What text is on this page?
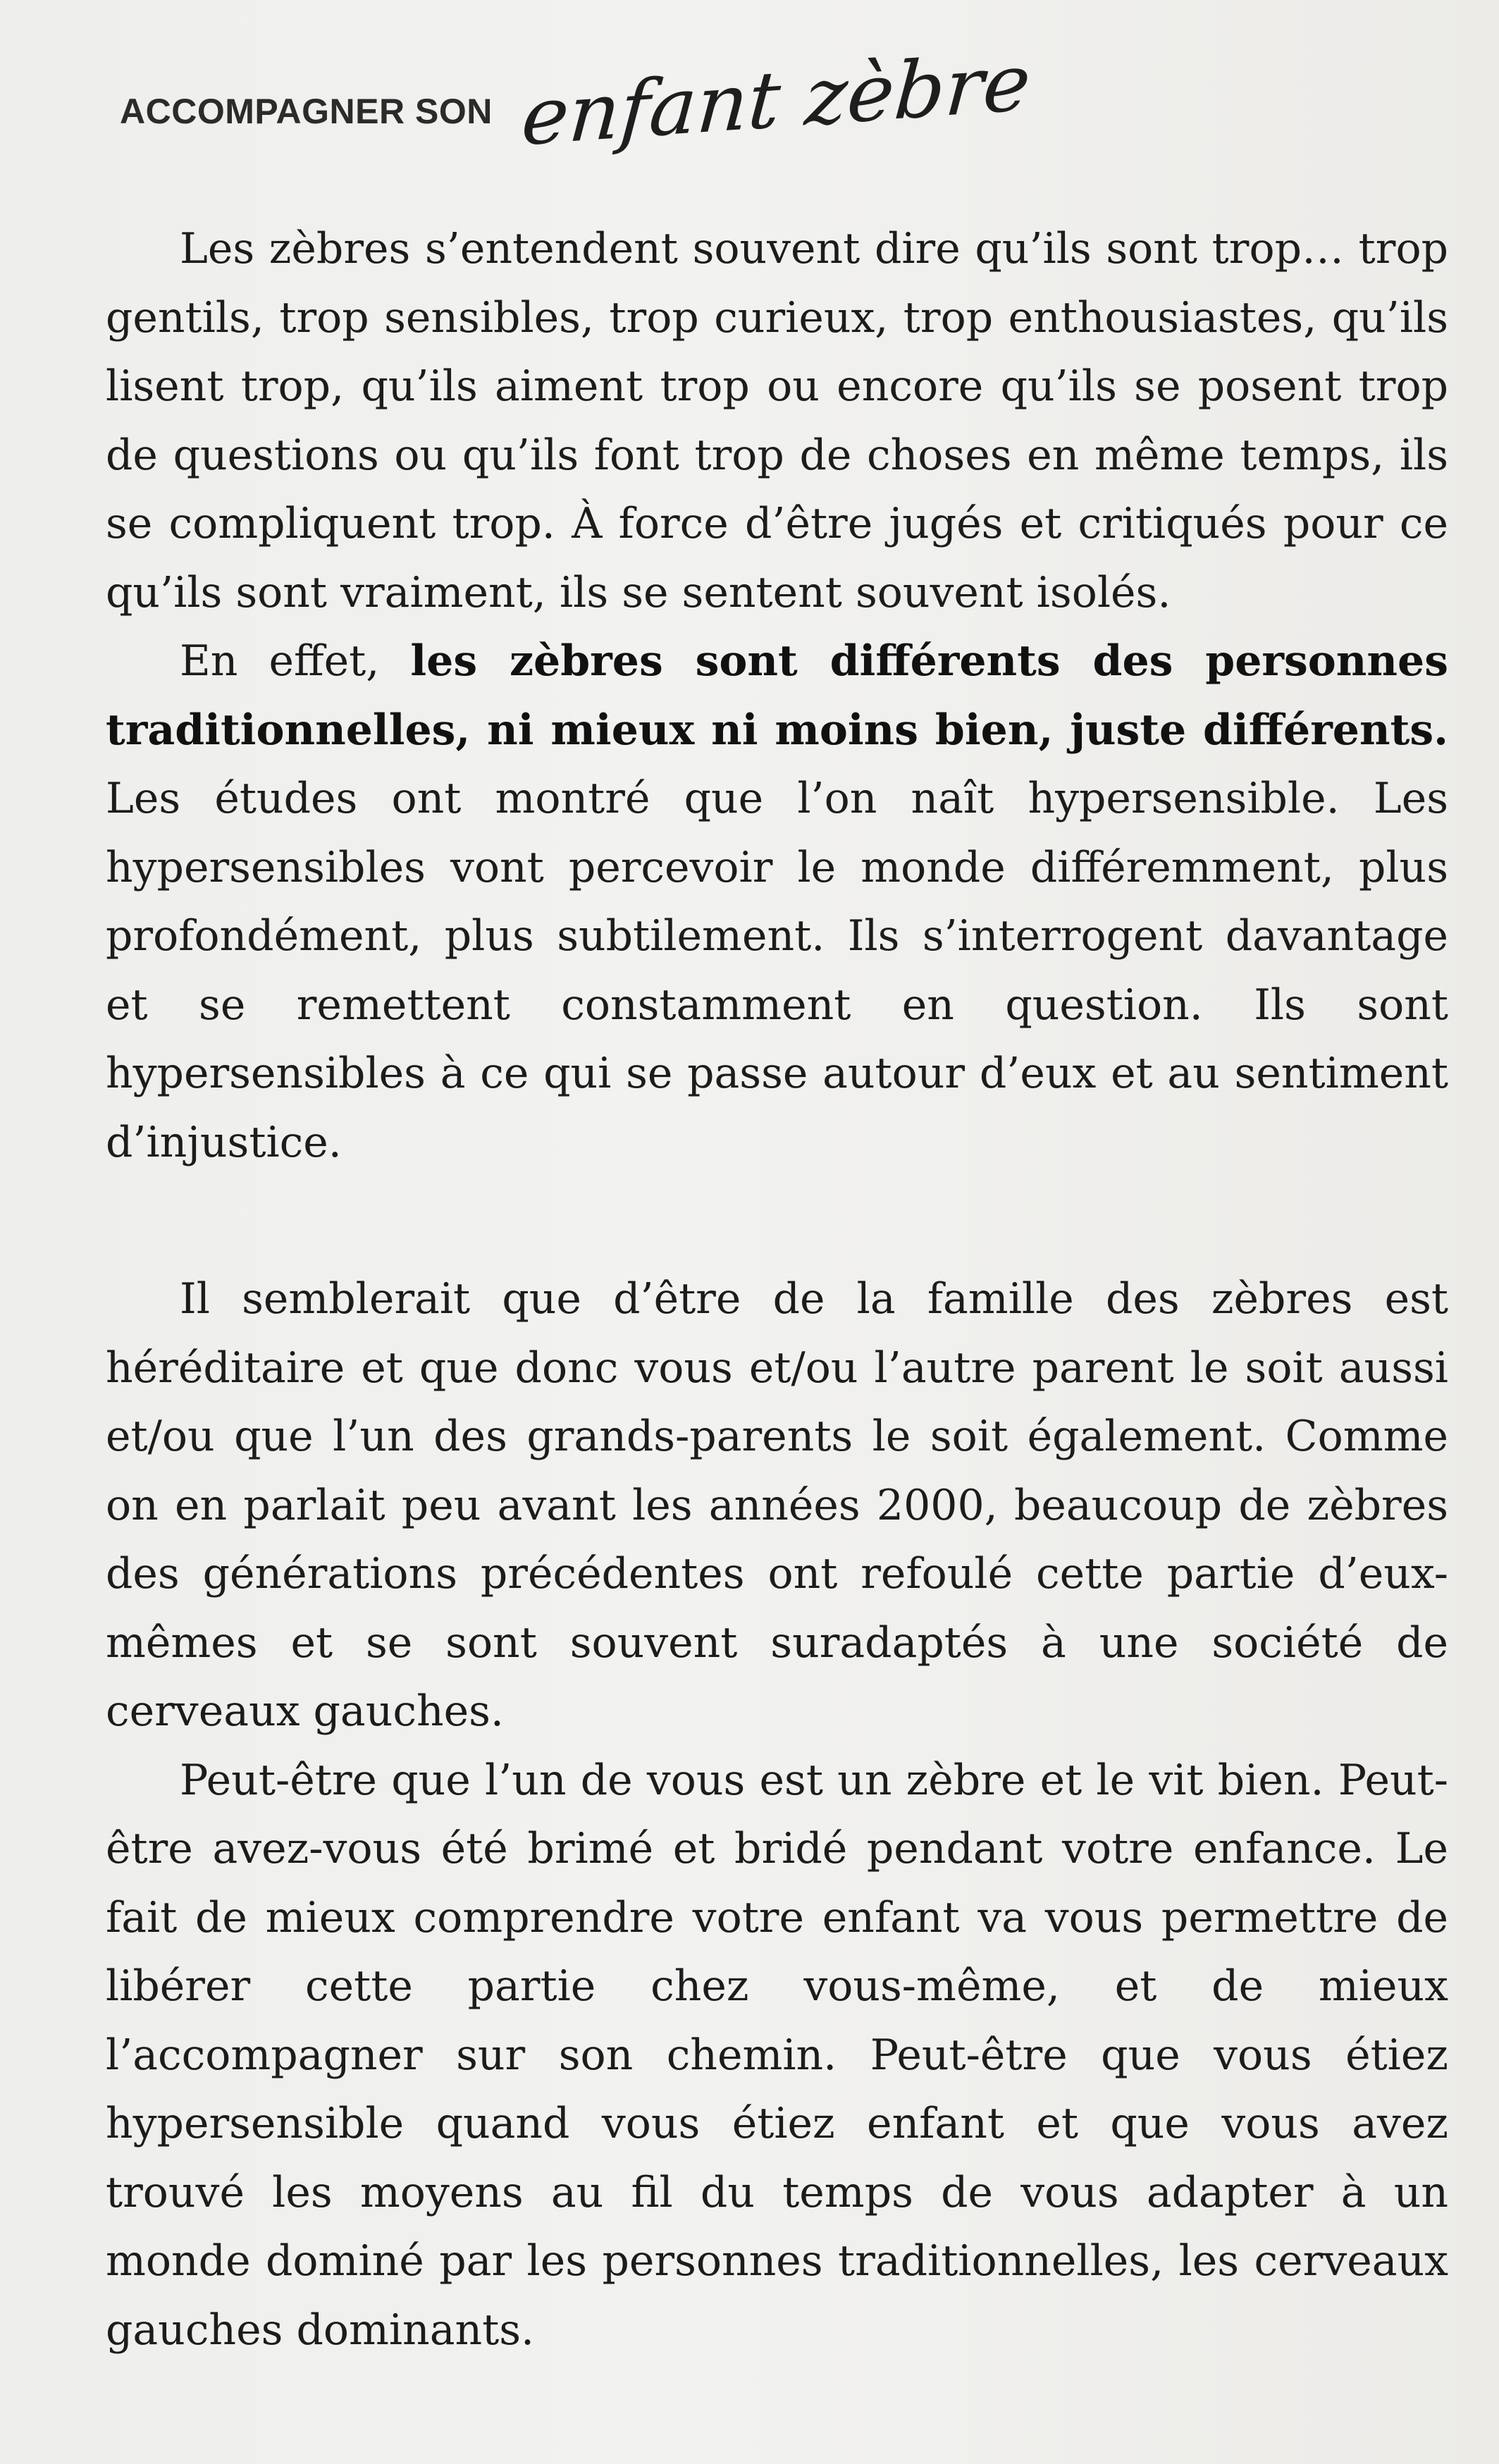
ACCOMPAGNER SON enfant zèbre

Les zèbres s’entendent souvent dire qu’ils sont trop… trop gentils, trop sensibles, trop curieux, trop enthousiastes, qu’ils lisent trop, qu’ils aiment trop ou encore qu’ils se posent trop de questions ou qu’ils font trop de choses en même temps, ils se compliquent trop. À force d’être jugés et critiqués pour ce qu’ils sont vraiment, ils se sentent souvent isolés.

En effet, les zèbres sont différents des personnes traditionnelles, ni mieux ni moins bien, juste différents. Les études ont montré que l’on naît hypersensible. Les hypersensibles vont percevoir le monde différemment, plus profondément, plus subtilement. Ils s’interrogent davantage et se remettent constamment en question. Ils sont hypersensibles à ce qui se passe autour d’eux et au sentiment d’injustice.

Il semblerait que d’être de la famille des zèbres est héréditaire et que donc vous et/ou l’autre parent le soit aussi et/ou que l’un des grands-parents le soit également. Comme on en parlait peu avant les années 2000, beaucoup de zèbres des générations précédentes ont refoulé cette partie d’eux-mêmes et se sont souvent suradaptés à une société de cerveaux gauches.

Peut-être que l’un de vous est un zèbre et le vit bien. Peut-être avez-vous été brimé et bridé pendant votre enfance. Le fait de mieux comprendre votre enfant va vous permettre de libérer cette partie chez vous-même, et de mieux l’accompagner sur son chemin. Peut-être que vous étiez hypersensible quand vous étiez enfant et que vous avez trouvé les moyens au fil du temps de vous adapter à un monde dominé par les personnes traditionnelles, les cerveaux gauches dominants.
